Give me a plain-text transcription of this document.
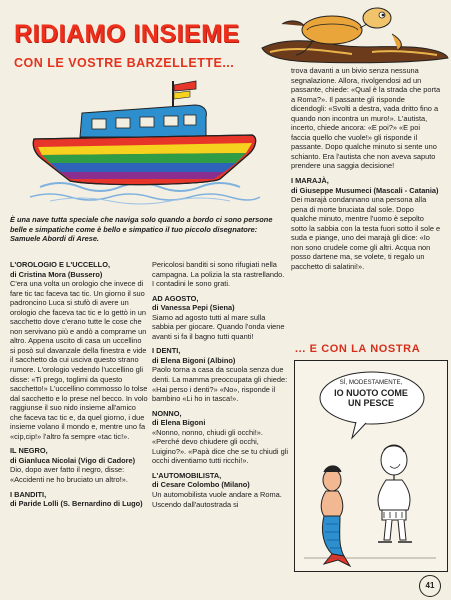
RIDIAMO INSIEME
CON LE VOSTRE BARZELLETTE...
È una nave tutta speciale che naviga solo quando a bordo ci sono persone belle e simpatiche come è bello e simpatico il tuo piccolo disegnatore: Samuele Abordi di Arese.

L'OROLOGIO E L'UCCELLO,

di Cristina Mora (Bussero)

C'era una volta un orologio che invece di fare tic tac faceva tac tic. Un giorno il suo padroncino Luca si stufò di avere un orologio che faceva tac tic e lo gettò in un sacchetto dove c'erano tutte le cose che non servivano più e andò a comprarne un altro. Appena uscito di casa un uccellino si posò sul davanzale della finestra e vide il sacchetto da cui usciva questo strano rumore. L'orologio vedendo l'uccellino gli disse: «Ti prego, toglimi da questo sacchetto!» L'uccellino commosso lo tolse dal sacchetto e lo prese nel becco. In volo raggiunse il suo nido insieme all'amico che faceva tac tic e, da quel giorno, i due insieme volano il mondo e, mentre uno fa «cip,cip!» l'altro fa sempre «tac tic!».

IL NEGRO,

di Gianluca Nicolai (Vigo di Cadore)

Dio, dopo aver fatto il negro, disse: «Accidenti ne ho bruciato un altro!».

I BANDITI,

di Paride Lolli (S. Bernardino di Lugo)

Pericolosi banditi si sono rifugiati nella campagna. La polizia la sta rastrellando. I contadini le sono grati.

AD AGOSTO,

di Vanessa Pepi (Siena)

Siamo ad agosto tutti al mare sulla sabbia per giocare. Quando l'onda viene avanti si fa il bagno tutti quanti!

I DENTI,

di Elena Bigoni (Albino)

Paolo torna a casa da scuola senza due denti. La mamma preoccupata gli chiede: «Hai perso i denti?» «No», risponde il bambino «Li ho in tasca!».

NONNO,

di Elena Bigoni

«Nonno, nonno, chiudi gli occhi!». «Perché devo chiudere gli occhi, Luigino?». «Papà dice che se tu chiudi gli occhi diventiamo tutti ricchi!».

L'AUTOMOBILISTA,

di Cesare Colombo (Milano)

Un automobilista vuole andare a Roma. Uscendo dall'autostrada si

trova davanti a un bivio senza nessuna segnalazione. Allora, rivolgendosi ad un passante, chiede: «Qual è la strada che porta a Roma?». Il passante gli risponde dicendogli: «Svolti a destra, vada dritto fino a quando non incontra un muro!». L'autista, incerto, chiede ancora: «E poi?» «E poi faccia quello che vuole!» gli risponde il passante. Dopo qualche minuto si sente uno schianto. Era l'autista che non aveva saputo prendere una saggia decisione!

I MARAJÀ,

di Giuseppe Musumeci (Mascali - Catania)

Dei marajà condannano una persona alla pena di morte bruciata dal sole. Dopo qualche minuto, mentre l'uomo è sepolto sotto la sabbia con la testa fuori sotto il sole e suda e piange, uno dei marajà gli dice: «Io non sono crudele come gli altri. Acqua non posso dartene ma, se volete, ti regalo un pacchetto di salatini!».

... E CON LA NOSTRA
SÌ, MODESTAMENTE,
IO NUOTO COME
UN PESCE
41
